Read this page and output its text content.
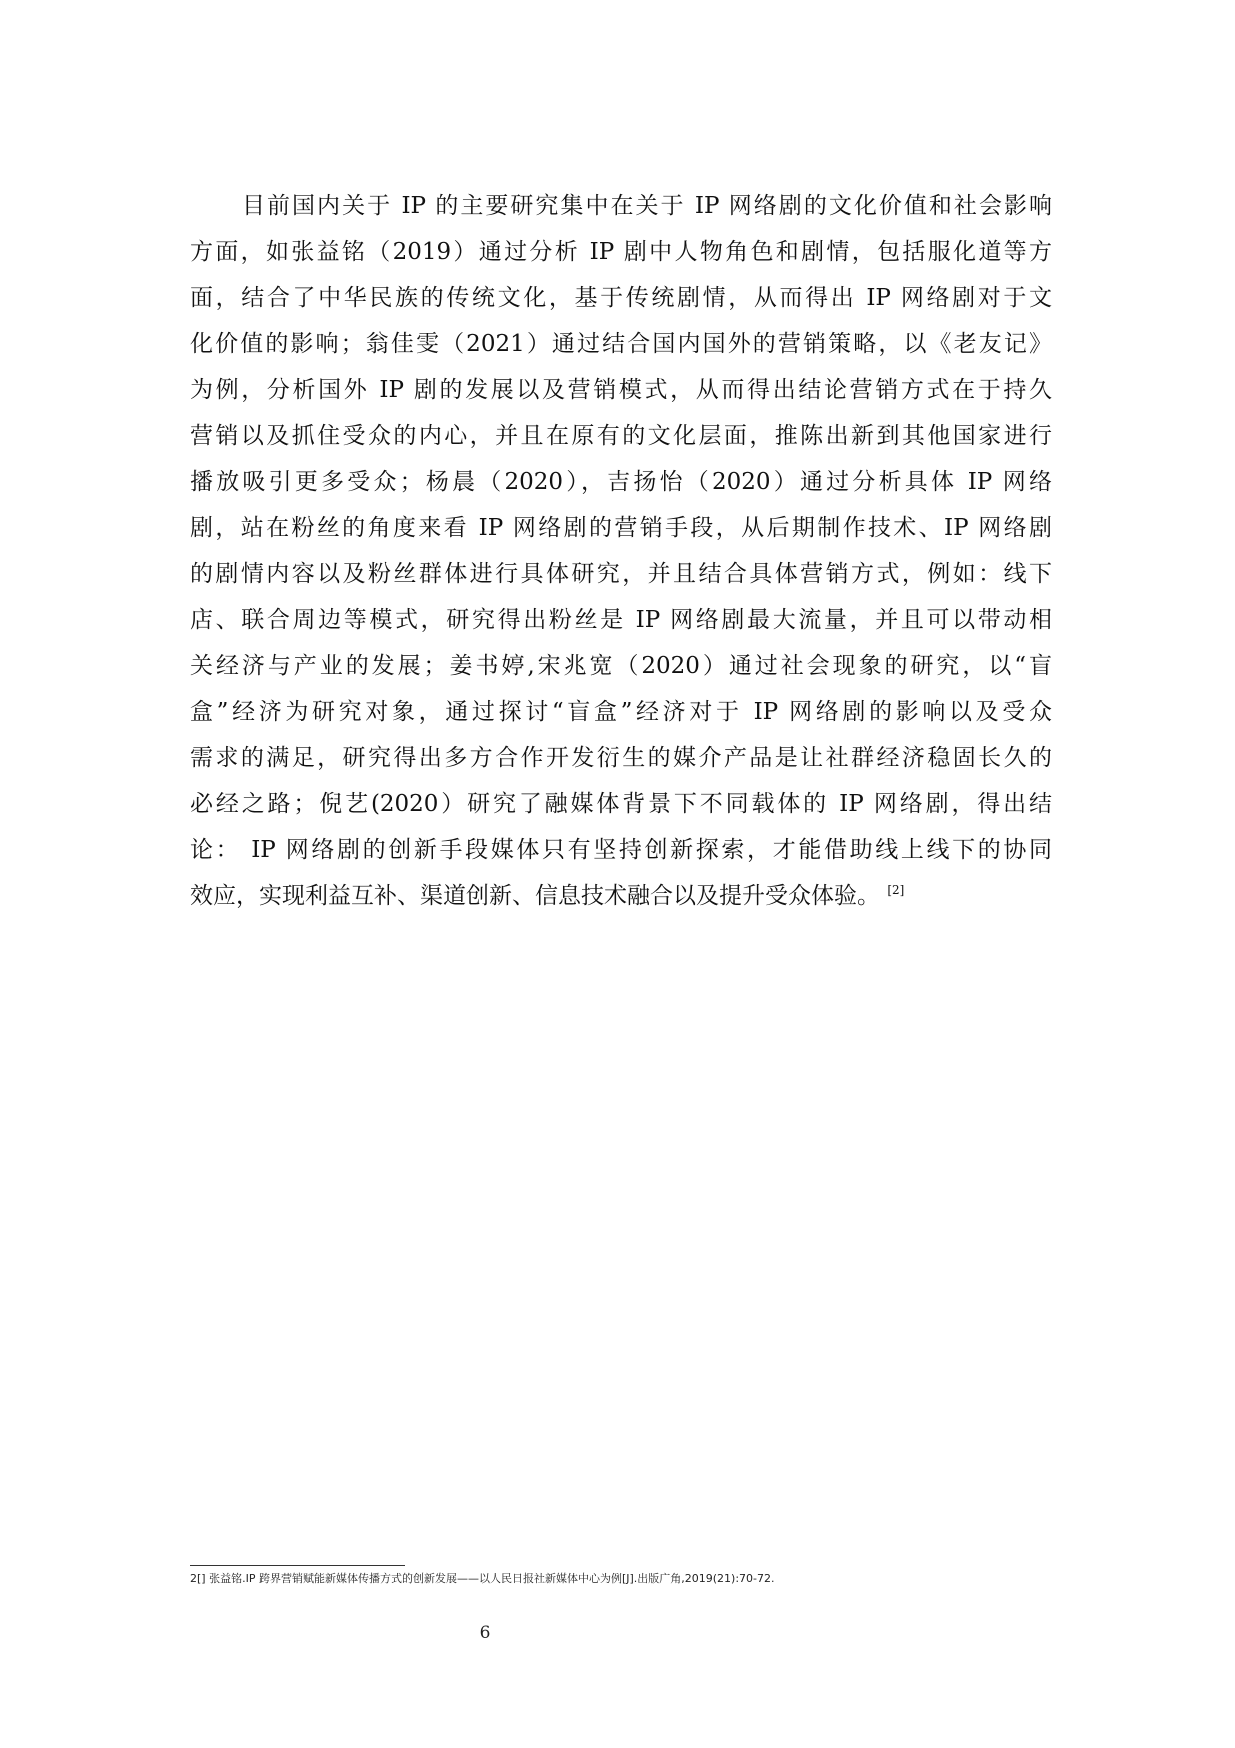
目前国内关于 IP 的主要研究集中在关于 IP 网络剧的文化价值和社会影响
方面，如张益铭（2019）通过分析 IP 剧中人物角色和剧情，包括服化道等方
面，结合了中华民族的传统文化，基于传统剧情，从而得出 IP 网络剧对于文
化价值的影响；翁佳雯（2021）通过结合国内国外的营销策略，以《老友记》
为例，分析国外 IP 剧的发展以及营销模式，从而得出结论营销方式在于持久
营销以及抓住受众的内心，并且在原有的文化层面，推陈出新到其他国家进行
播放吸引更多受众；杨晨（2020），吉扬怡（2020）通过分析具体 IP 网络
剧，站在粉丝的角度来看 IP 网络剧的营销手段，从后期制作技术、IP 网络剧
的剧情内容以及粉丝群体进行具体研究，并且结合具体营销方式，例如：线下
店、联合周边等模式，研究得出粉丝是 IP 网络剧最大流量，并且可以带动相
关经济与产业的发展；姜书婷,宋兆宽（2020）通过社会现象的研究，以“盲
盒”经济为研究对象，通过探讨“盲盒”经济对于 IP 网络剧的影响以及受众
需求的满足，研究得出多方合作开发衍生的媒介产品是让社群经济稳固长久的
必经之路；倪艺(2020）研究了融媒体背景下不同载体的 IP 网络剧，得出结
论： IP 网络剧的创新手段媒体只有坚持创新探索，才能借助线上线下的协同
效应，实现利益互补、渠道创新、信息技术融合以及提升受众体验。 [2]
2[] 张益铭.IP 跨界营销赋能新媒体传播方式的创新发展——以人民日报社新媒体中心为例[J].出版广角,2019(21):70-72.
6
